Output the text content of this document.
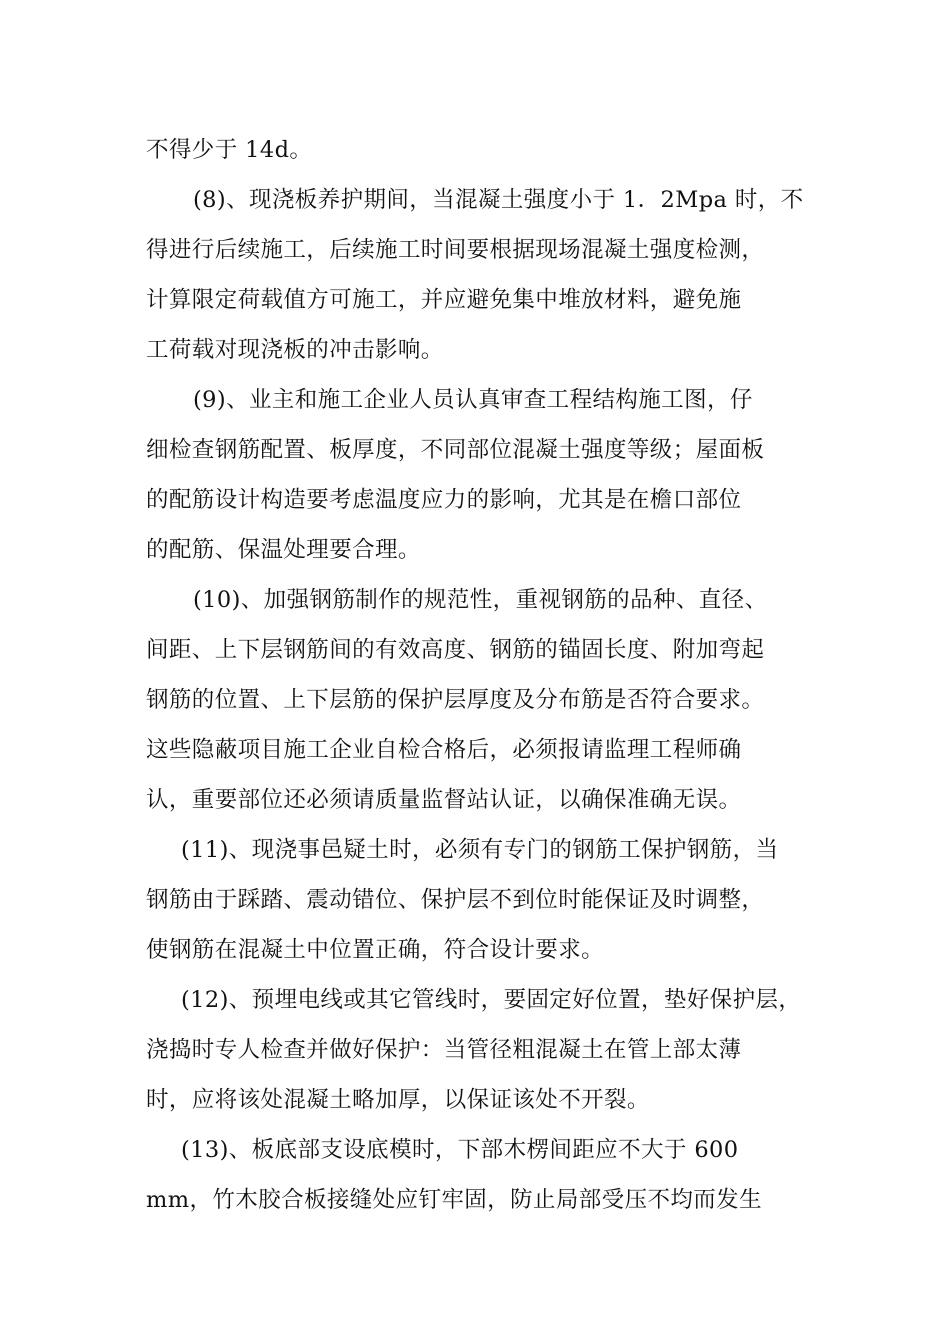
不得少于 14d。
(8)、现浇板养护期间，当混凝土强度小于 1．2Mpa 时，不
得进行后续施工，后续施工时间要根据现场混凝土强度检测，
计算限定荷载值方可施工，并应避免集中堆放材料，避免施
工荷载对现浇板的冲击影响。
(9)、业主和施工企业人员认真审查工程结构施工图，仔
细检查钢筋配置、板厚度，不同部位混凝土强度等级；屋面板
的配筋设计构造要考虑温度应力的影响，尤其是在檐口部位
的配筋、保温处理要合理。
(10)、加强钢筋制作的规范性，重视钢筋的品种、直径、
间距、上下层钢筋间的有效高度、钢筋的锚固长度、附加弯起
钢筋的位置、上下层筋的保护层厚度及分布筋是否符合要求。
这些隐蔽项目施工企业自检合格后，必须报请监理工程师确
认，重要部位还必须请质量监督站认证，以确保准确无误。
(11)、现浇事邑疑土时，必须有专门的钢筋工保护钢筋，当
钢筋由于踩踏、震动错位、保护层不到位时能保证及时调整，
使钢筋在混凝土中位置正确，符合设计要求。
(12)、预埋电线或其它管线时，要固定好位置，垫好保护层，
浇捣时专人检查并做好保护：当管径粗混凝土在管上部太薄
时，应将该处混凝土略加厚，以保证该处不开裂。
(13)、板底部支设底模时，下部木楞间距应不大于 600
mm，竹木胶合板接缝处应钉牢固，防止局部受压不均而发生
